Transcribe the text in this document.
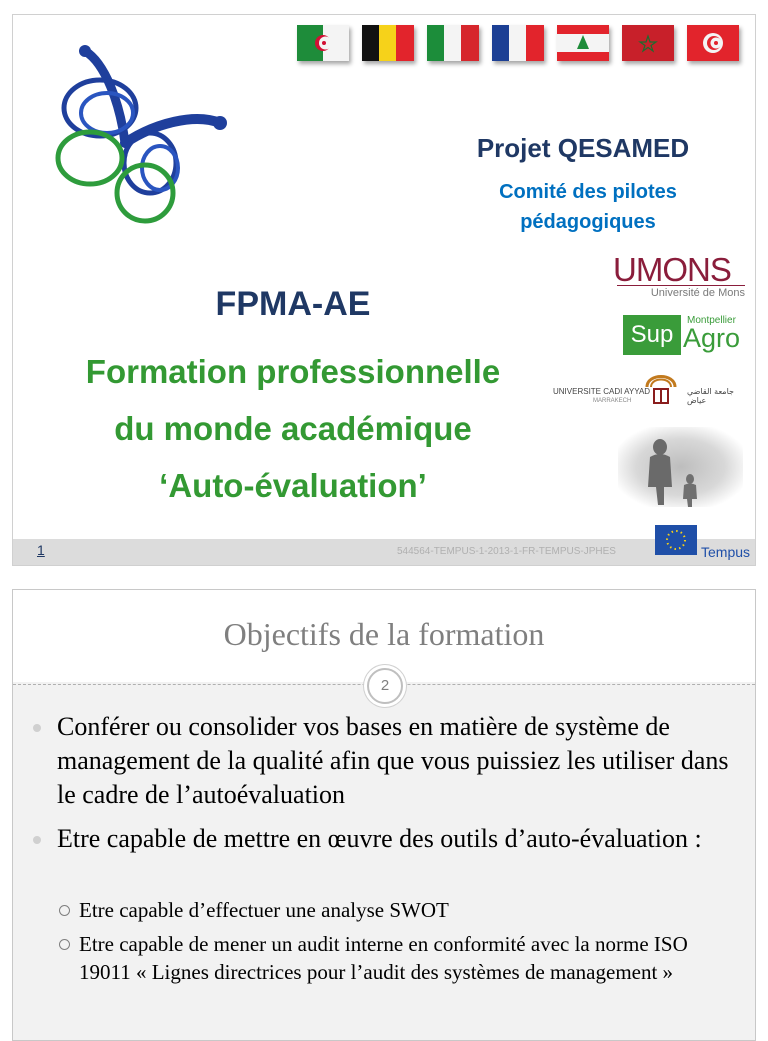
Projet QESAMED
Comité des pilotes
pédagogiques
FPMA-AE
Formation professionnelle
du monde académique
‘Auto-évaluation’
UMONS
Université de Mons
Sup
Montpellier
Agro
UNIVERSITE CADI AYYAD
MARRAKECH
جامعة القاضي عياض
1	544564-TEMPUS-1-2013-1-FR-TEMPUS-JPHES	Tempus
Objectifs de la formation
2
Conférer ou consolider vos bases en matière de système de management de la qualité afin que vous puissiez les utiliser dans le cadre de l’autoévaluation
Etre capable de mettre en œuvre des outils d’auto-évaluation :
Etre capable d’effectuer une analyse SWOT
Etre capable de mener un audit interne en conformité avec la norme ISO 19011 « Lignes directrices pour l’audit des systèmes de management »
